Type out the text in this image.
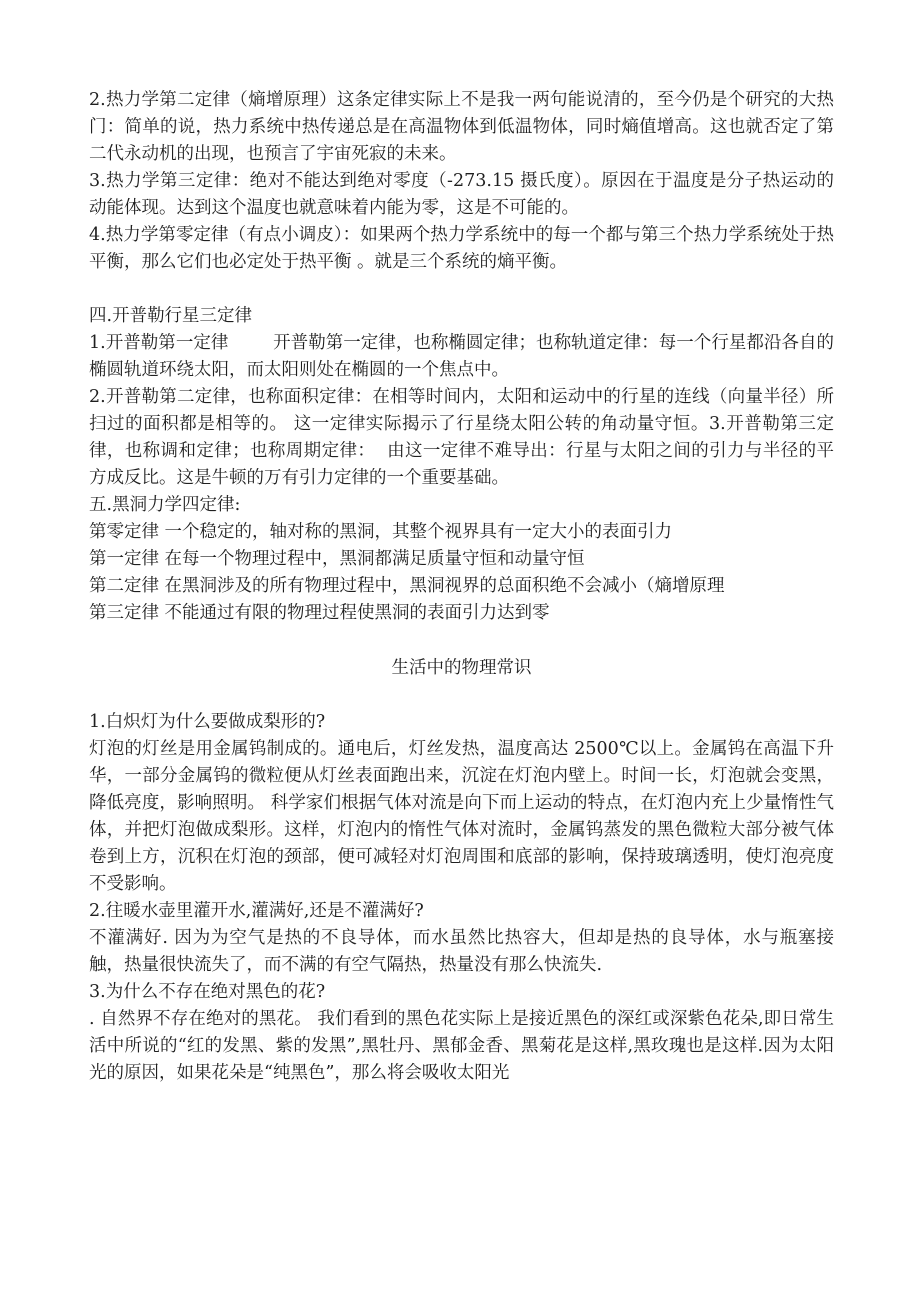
2.热力学第二定律（熵增原理）这条定律实际上不是我一两句能说清的，至今仍是个研究的大热门：简单的说，热力系统中热传递总是在高温物体到低温物体，同时熵值增高。这也就否定了第二代永动机的出现，也预言了宇宙死寂的未来。

3.热力学第三定律：绝对不能达到绝对零度（-273.15 摄氏度）。原因在于温度是分子热运动的动能体现。达到这个温度也就意味着内能为零，这是不可能的。

4.热力学第零定律（有点小调皮）：如果两个热力学系统中的每一个都与第三个热力学系统处于热平衡，那么它们也必定处于热平衡 。就是三个系统的熵平衡。

四.开普勒行星三定律

1.开普勒第一定律        开普勒第一定律，也称椭圆定律；也称轨道定律：每一个行星都沿各自的         椭圆轨道环绕太阳，而太阳则处在椭圆的一个焦点中。

2.开普勒第二定律，也称面积定律：在相等时间内，太阳和运动中的行星的连线（向量半径）所扫过的面积都是相等的。 这一定律实际揭示了行星绕太阳公转的角动量守恒。3.开普勒第三定律，也称调和定律；也称周期定律：  由这一定律不难导出：行星与太阳之间的引力与半径的平方成反比。这是牛顿的万有引力定律的一个重要基础。

五.黑洞力学四定律:

第零定律 一个稳定的，轴对称的黑洞，其整个视界具有一定大小的表面引力

第一定律 在每一个物理过程中，黑洞都满足质量守恒和动量守恒

第二定律 在黑洞涉及的所有物理过程中，黑洞视界的总面积绝不会减小（熵增原理

第三定律 不能通过有限的物理过程使黑洞的表面引力达到零

生活中的物理常识

1.白炽灯为什么要做成梨形的?

灯泡的灯丝是用金属钨制成的。通电后，灯丝发热，温度高达 2500℃以上。金属钨在高温下升华，一部分金属钨的微粒便从灯丝表面跑出来，沉淀在灯泡内壁上。时间一长，灯泡就会变黑，降低亮度，影响照明。 科学家们根据气体对流是向下而上运动的特点，在灯泡内充上少量惰性气体，并把灯泡做成梨形。这样，灯泡内的惰性气体对流时，金属钨蒸发的黑色微粒大部分被气体卷到上方，沉积在灯泡的颈部，便可减轻对灯泡周围和底部的影响，保持玻璃透明，使灯泡亮度不受影响。

2.往暖水壶里灌开水,灌满好,还是不灌满好?

不灌满好. 因为为空气是热的不良导体，而水虽然比热容大，但却是热的良导体，水与瓶塞接触，热量很快流失了，而不满的有空气隔热，热量没有那么快流失.

3.为什么不存在绝对黑色的花?

. 自然界不存在绝对的黑花。 我们看到的黑色花实际上是接近黑色的深红或深紫色花朵,即日常生活中所说的“红的发黑、紫的发黑”,黑牡丹、黑郁金香、黑菊花是这样,黑玫瑰也是这样.因为太阳光的原因，如果花朵是“纯黑色”，那么将会吸收太阳光
